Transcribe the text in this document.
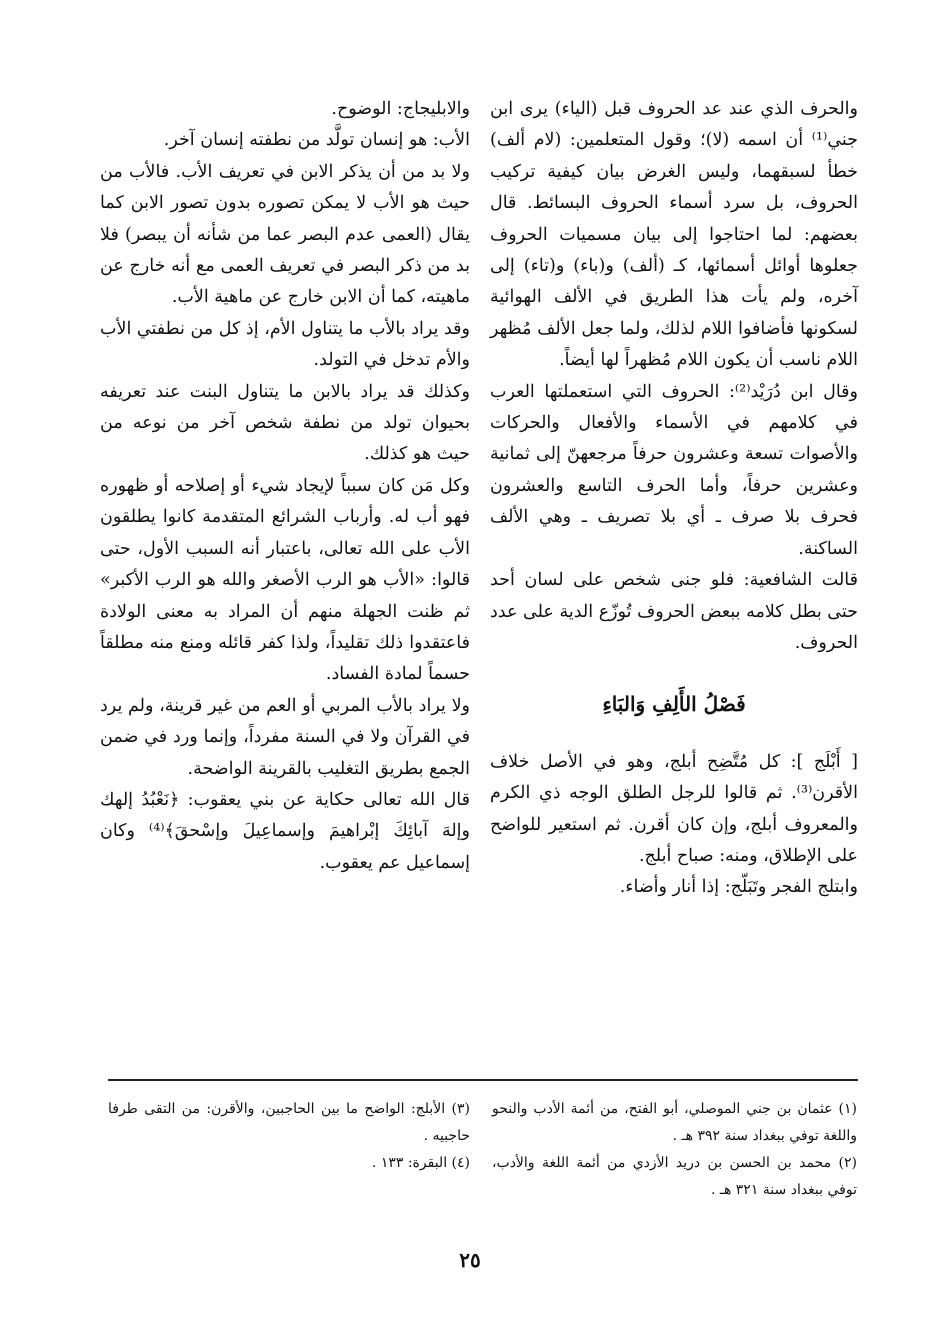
والحرف الذي عند عد الحروف قبل (الياء) يرى ابن جني⁽¹⁾ أن اسمه (لا)؛ وقول المتعلمين: (لام ألف) خطأ لسبقهما، وليس الغرض بيان كيفية تركيب الحروف، بل سرد أسماء الحروف البسائط. قال بعضهم: لما احتاجوا إلى بيان مسميات الحروف جعلوها أوائل أسمائها، كـ (ألف) و(باء) و(تاء) إلى آخره، ولم يأت هذا الطريق في الألف الهوائية لسكونها فأضافوا اللام لذلك، ولما جعل الألف مُظهر اللام ناسب أن يكون اللام مُظهراً لها أيضاً.

وقال ابن دُرَيْد⁽²⁾: الحروف التي استعملتها العرب في كلامهم في الأسماء والأفعال والحركات والأصوات تسعة وعشرون حرفاً مرجعهنّ إلى ثمانية وعشرين حرفاً، وأما الحرف التاسع والعشرون فحرف بلا صرف ـ أي بلا تصريف ـ وهي الألف الساكنة.

قالت الشافعية: فلو جنى شخص على لسان أحد حتى بطل كلامه ببعض الحروف تُوزّع الدية على عدد الحروف.

فَصْلُ الأَلِفِ وَالبَاءِ

[ أَبْلَج ]: كل مُتَّضِح أبلج، وهو في الأصل خلاف الأقرن⁽³⁾. ثم قالوا للرجل الطلق الوجه ذي الكرم والمعروف أبلج، وإن كان أقرن. ثم استعير للواضح على الإطلاق، ومنه: صباح أبلج.

وابتلج الفجر وتَبَلّج: إذا أنار وأضاء.

والابليجاج: الوضوح.

الأب: هو إنسان تولَّد من نطفته إنسان آخر.

ولا بد من أن يذكر الابن في تعريف الأب. فالأب من حيث هو الأب لا يمكن تصوره بدون تصور الابن كما يقال (العمى عدم البصر عما من شأنه أن يبصر) فلا بد من ذكر البصر في تعريف العمى مع أنه خارج عن ماهيته، كما أن الابن خارج عن ماهية الأب.

وقد يراد بالأب ما يتناول الأم، إذ كل من نطفتي الأب والأم تدخل في التولد.

وكذلك قد يراد بالابن ما يتناول البنت عند تعريفه بحيوان تولد من نطفة شخص آخر من نوعه من حيث هو كذلك.

وكل مَن كان سبباً لإيجاد شيء أو إصلاحه أو ظهوره فهو أب له. وأرباب الشرائع المتقدمة كانوا يطلقون الأب على الله تعالى، باعتبار أنه السبب الأول، حتى قالوا: «الأب هو الرب الأصغر والله هو الرب الأكبر» ثم ظنت الجهلة منهم أن المراد به معنى الولادة فاعتقدوا ذلك تقليداً، ولذا كفر قائله ومنع منه مطلقاً حسماً لمادة الفساد.

ولا يراد بالأب المربي أو العم من غير قرينة، ولم يرد في القرآن ولا في السنة مفرداً، وإنما ورد في ضمن الجمع بطريق التغليب بالقرينة الواضحة.

قال الله تعالى حكاية عن بني يعقوب: ﴿نَعْبُدُ إلهك وإلهَ آبائِكَ إبْراهيمَ وإسماعِيلَ وإسْحقَ﴾⁽⁴⁾ وكان إسماعيل عم يعقوب.

(١) عثمان بن جني الموصلي، أبو الفتح، من أئمة الأدب والنحو واللغة توفي ببغداد سنة ٣٩٢ هـ .

(٢) محمد بن الحسن بن دريد الأزدي من أئمة اللغة والأدب، توفي ببغداد سنة ٣٢١ هـ .

(٣) الأبلج: الواضح ما بين الحاجبين، والأقرن: من التقى طرفا حاجبيه .

(٤) البقرة: ١٣٣ .

٢٥
